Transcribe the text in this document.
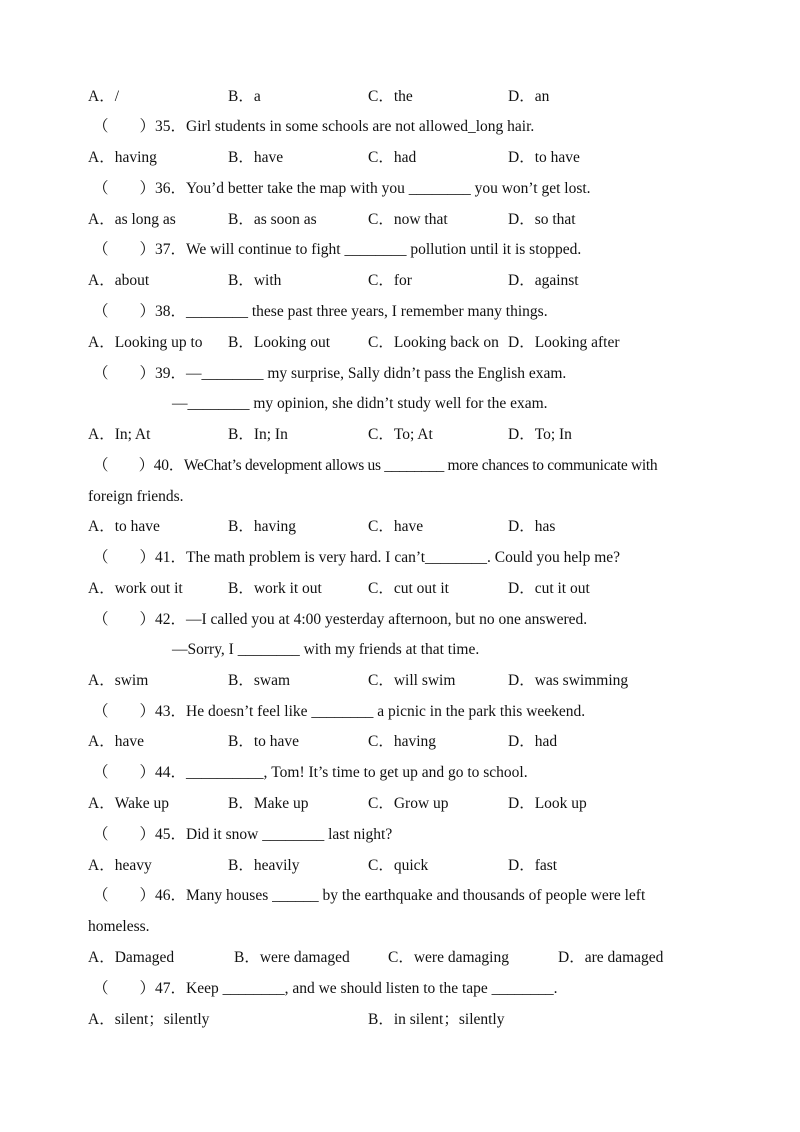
A．/	B．a	C．the	D．an
（　　）35．Girl students in some schools are not allowed_long hair.
A．having	B．have	C．had	D．to have
（　　）36．You’d better take the map with you ________ you won’t get lost.
A．as long as	B．as soon as	C．now that	D．so that
（　　）37．We will continue to fight ________ pollution until it is stopped.
A．about	B．with	C．for	D．against
（　　）38．________ these past three years, I remember many things.
A．Looking up to B．Looking out C．Looking back on D．Looking after
（　　）39．—________ my surprise, Sally didn’t pass the English exam.
—________ my opinion, she didn’t study well for the exam.
A．In; At	B．In; In	C．To; At	D．To; In
（　　）40．WeChat’s development allows us ________ more chances to communicate with
foreign friends.
A．to have	B．having	C．have	D．has
（　　）41．The math problem is very hard. I can’t________. Could you help me?
A．work out it	B．work it out	C．cut out it	D．cut it out
（　　）42．—I called you at 4:00 yesterday afternoon, but no one answered.
—Sorry, I ________ with my friends at that time.
A．swim	B．swam	C．will swim	D．was swimming
（　　）43．He doesn’t feel like ________ a picnic in the park this weekend.
A．have	B．to have	C．having	D．had
（　　）44．__________, Tom! It’s time to get up and go to school.
A．Wake up	B．Make up	C．Grow up	D．Look up
（　　）45．Did it snow ________ last night?
A．heavy	B．heavily	C．quick	D．fast
（　　）46．Many houses ______ by the earthquake and thousands of people were left
homeless.
A．Damaged	B．were damaged C．were damaging	D．are damaged
（　　）47．Keep ________, and we should listen to the tape ________.
A．silent；silently	B．in silent；silently
